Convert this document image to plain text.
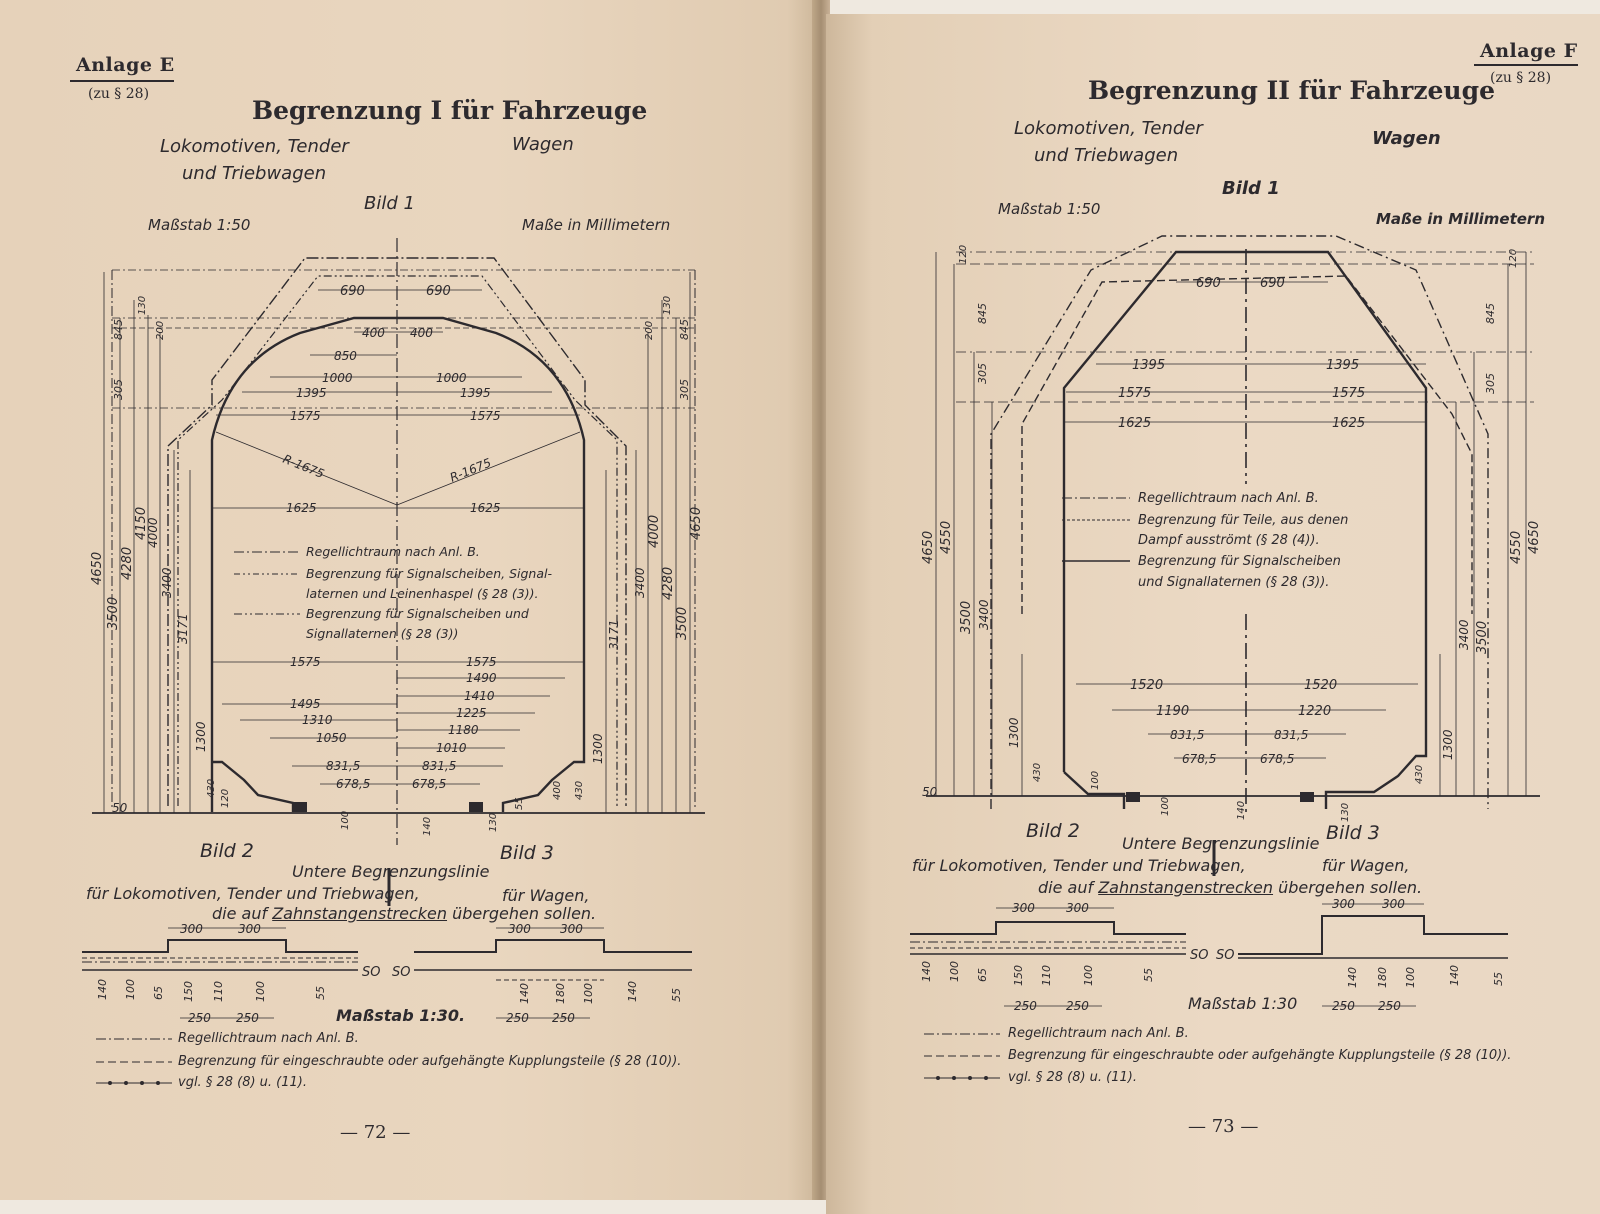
Anlage E
(zu § 28)
Begrenzung I für Fahrzeuge
Lokomotiven, Tender
und Triebwagen
Wagen
Bild 1
Maßstab 1:50	Maße in Millimetern
690	690
400 400
850
1000	1000
1395	1395
1575	1575
R-1675	R-1675
1625	1625
Regellichtraum nach Anl. B.
Begrenzung für Signalscheiben, Signal-
laternen und Leinenhaspel (§ 28 (3)).
Begrenzung für Signalscheiben und
Signallaternen (§ 28 (3))
1575	1575
1490
1410
1495
1225
1310
1180
1050
1010
831,5	831,5
678,5	678,5
4650
3500
4280
4150
4000
3400
3171
1300
845
130
305
200
430
120
50
4650
3500
4280
4000
3400
3171
1300
845
305
200
130
400 430
100	140	130
55
Bild 2	Bild 3
Untere Begrenzungslinie
für Lokomotiven, Tender und Triebwagen,	für Wagen,
die auf Zahnstangenstrecken übergehen sollen.
300	300	300 300
250 250	250 250
SO SO
140 100 65 150 110	100	55	140 180 100	140	55
Maßstab 1:30.
Regellichtraum nach Anl. B.
Begrenzung für eingeschraubte oder aufgehängte Kupplungsteile (§ 28 (10)).
vgl. § 28 (8) u. (11).
— 72 —
Anlage F
(zu § 28)
Begrenzung II für Fahrzeuge
Lokomotiven, Tender
und Triebwagen
Wagen
Bild 1
Maßstab 1:50
Maße in Millimetern
690	690
1395	1395
1575	1575
1625	1625
Regellichtraum nach Anl. B.
Begrenzung für Teile, aus denen
Dampf ausströmt (§ 28 (4)).
Begrenzung für Signalscheiben
und Signallaternen (§ 28 (3)).
1520	1520
1190	1220
831,5	831,5
678,5	678,5
4650 4550
3500 3400
1300
845
305
430	100
120
50
4650
4550
3500
3400
1300
845
305
430
120
100	140	130
Bild 2	Bild 3
Untere Begrenzungslinie
für Lokomotiven, Tender und Triebwagen,	für Wagen,
die auf Zahnstangenstrecken übergehen sollen.
300	300	300 300
250 250	250 250
SO SO
140 100 65 150 110	100	55	140 180 100	140	55
Maßstab 1:30
Regellichtraum nach Anl. B.
Begrenzung für eingeschraubte oder aufgehängte Kupplungsteile (§ 28 (10)).
vgl. § 28 (8) u. (11).
— 73 —
